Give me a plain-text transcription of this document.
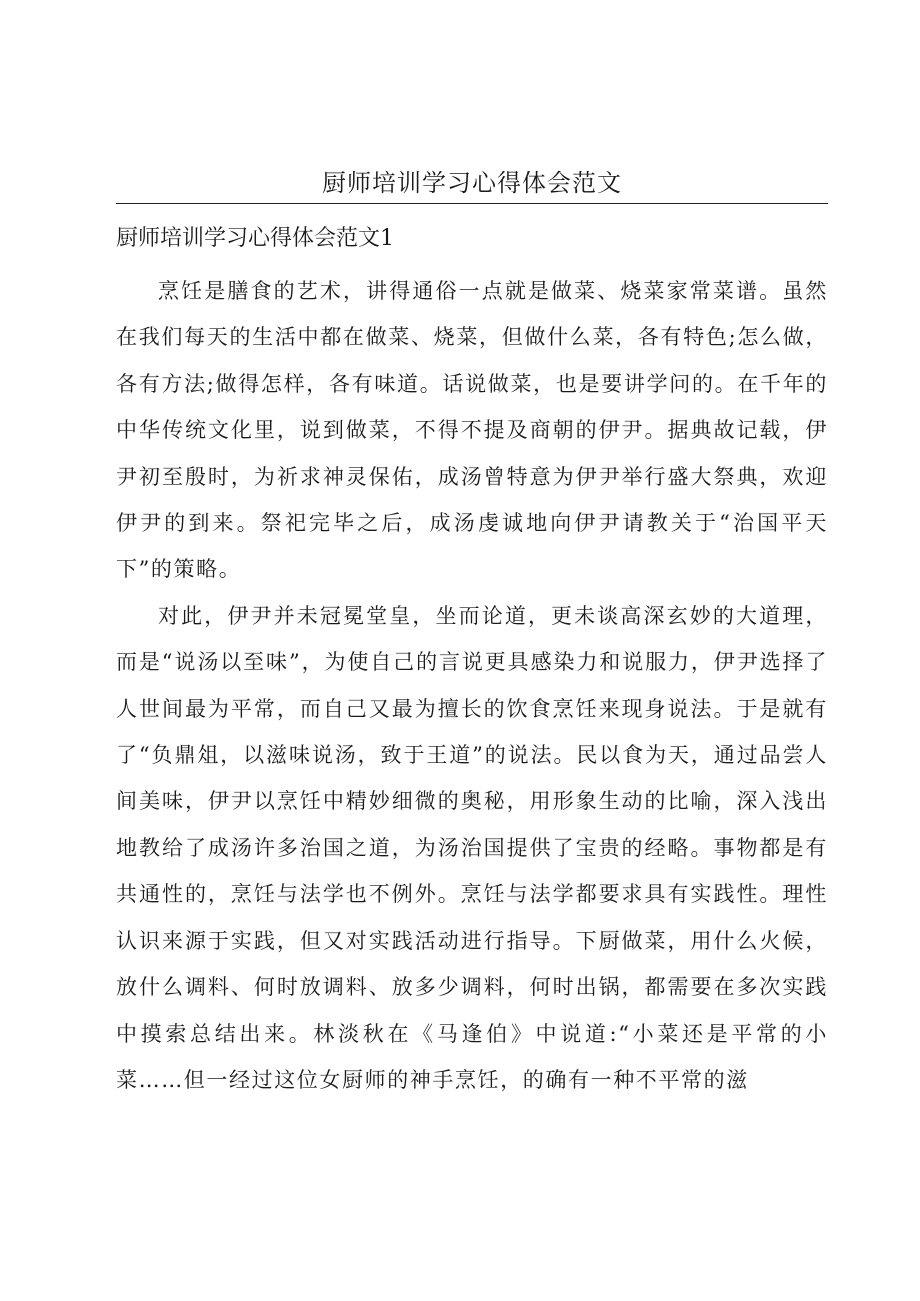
厨师培训学习心得体会范文
厨师培训学习心得体会范文1

烹饪是膳食的艺术，讲得通俗一点就是做菜、烧菜家常菜谱。虽然在我们每天的生活中都在做菜、烧菜，但做什么菜，各有特色;怎么做，各有方法;做得怎样，各有味道。话说做菜，也是要讲学问的。在千年的中华传统文化里，说到做菜，不得不提及商朝的伊尹。据典故记载，伊尹初至殷时，为祈求神灵保佑，成汤曾特意为伊尹举行盛大祭典，欢迎伊尹的到来。祭祀完毕之后，成汤虔诚地向伊尹请教关于“治国平天下”的策略。

对此，伊尹并未冠冕堂皇，坐而论道，更未谈高深玄妙的大道理，而是“说汤以至味”，为使自己的言说更具感染力和说服力，伊尹选择了人世间最为平常，而自己又最为擅长的饮食烹饪来现身说法。于是就有了“负鼎俎，以滋味说汤，致于王道”的说法。民以食为天，通过品尝人间美味，伊尹以烹饪中精妙细微的奥秘，用形象生动的比喻，深入浅出地教给了成汤许多治国之道，为汤治国提供了宝贵的经略。事物都是有共通性的，烹饪与法学也不例外。烹饪与法学都要求具有实践性。理性认识来源于实践，但又对实践活动进行指导。下厨做菜，用什么火候，放什么调料、何时放调料、放多少调料，何时出锅，都需要在多次实践中摸索总结出来。林淡秋在《马逢伯》中说道:“小菜还是平常的小菜……但一经过这位女厨师的神手烹饪，的确有一种不平常的滋
